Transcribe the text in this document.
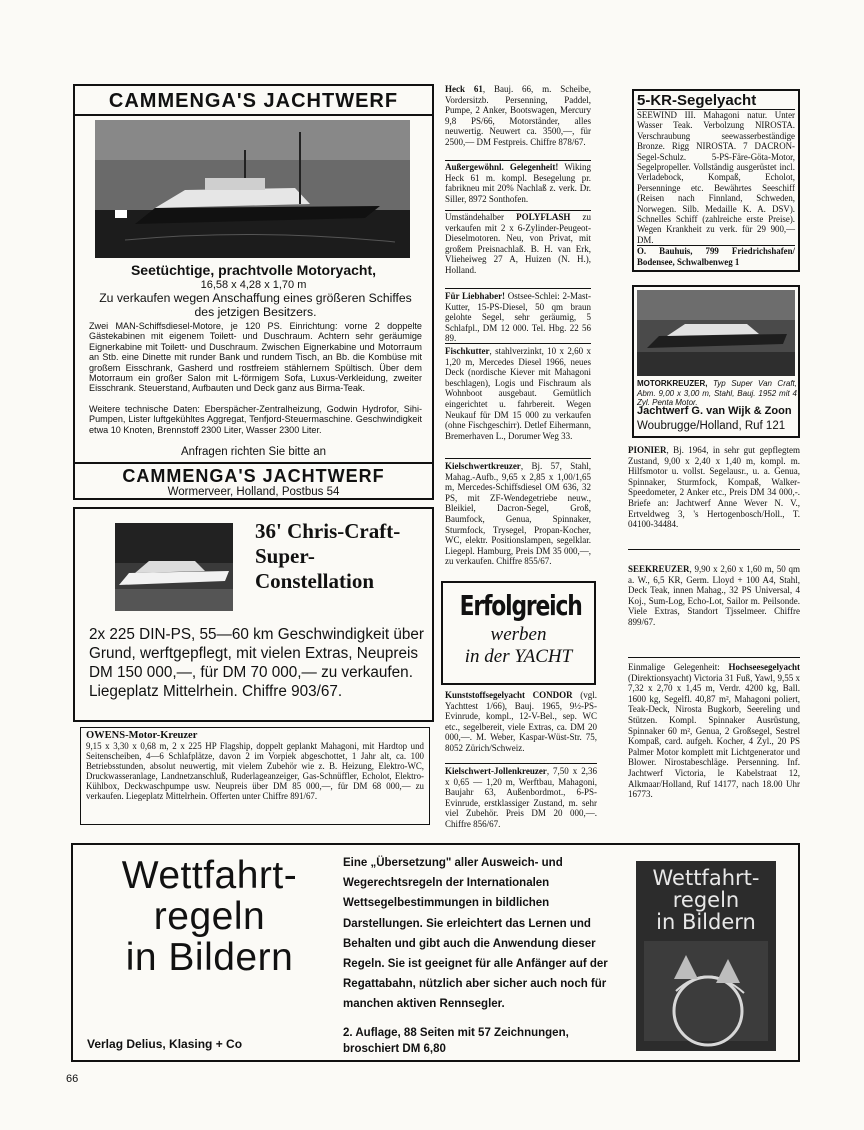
CAMMENGA'S JACHTWERF
Seetüchtige, prachtvolle Motoryacht,
16,58 x 4,28 x 1,70 m
Zu verkaufen wegen Anschaffung eines größeren Schiffes des jetzigen Besitzers.
Zwei MAN-Schiffsdiesel-Motore, je 120 PS. Einrichtung: vorne 2 doppelte Gästekabinen mit eigenem Toilett- und Duschraum. Achtern sehr geräumige Eignerkabine mit Toilett- und Duschraum. Zwischen Eignerkabine und Motorraum an Stb. eine Dinette mit runder Bank und rundem Tisch, an Bb. die Kombüse mit großem Eisschrank, Gasherd und rostfreiem stählernem Spültisch. Über dem Motorraum ein großer Salon mit L-förmigem Sofa, Luxus-Verkleidung, zweiter Eisschrank. Steuerstand, Aufbauten und Deck ganz aus Birma-Teak.
Weitere technische Daten: Eberspächer-Zentralheizung, Godwin Hydrofor, Sihi-Pumpen, Lister luftgekühltes Aggregat, Tenfjord-Steuermaschine. Geschwindigkeit etwa 10 Knoten, Brennstoff 2300 Liter, Wasser 2300 Liter.
Anfragen richten Sie bitte an
CAMMENGA'S JACHTWERF
Wormerveer, Holland, Postbus 54
36' Chris-Craft-Super-Constellation
2x 225 DIN-PS, 55—60 km Geschwindigkeit über Grund, werftgepflegt, mit vielen Extras, Neupreis DM 150 000,—, für DM 70 000,— zu verkaufen. Liegeplatz Mittelrhein. Chiffre 903/67.
OWENS-Motor-Kreuzer
9,15 x 3,30 x 0,68 m, 2 x 225 HP Flagship, doppelt geplankt Mahagoni, mit Hardtop und Seitenscheiben, 4—6 Schlafplätze, davon 2 im Vorpiek abgeschottet, 1 Jahr alt, ca. 100 Betriebsstunden, absolut neuwertig, mit vielem Zubehör wie z. B. Heizung, Elektro-WC, Druckwasseranlage, Landnetzanschluß, Ruderlageanzeiger, Gas-Schnüffler, Echolot, Elektro-Kühlbox, Deckwaschpumpe usw. Neupreis über DM 85 000,—, für DM 68 000,— zu verkaufen. Liegeplatz Mittelrhein. Offerten unter Chiffre 891/67.
Heck 61, Bauj. 66, m. Scheibe, Vordersitzb. Persenning, Paddel, Pumpe, 2 Anker, Bootswagen, Mercury 9,8 PS/66, Motorständer, alles neuwertig. Neuwert ca. 3500,—, für 2500,— DM Festpreis. Chiffre 878/67.
Außergewöhnl. Gelegenheit! Wiking Heck 61 m. kompl. Besegelung pr. fabrikneu mit 20% Nachlaß z. verk. Dr. Siller, 8972 Sonthofen.
Umständehalber POLYFLASH zu verkaufen mit 2 x 6-Zylinder-Peugeot-Dieselmotoren. Neu, von Privat, mit großem Preisnachlaß. B. H. van Erk, Vlieheiweg 27 A, Huizen (N. H.), Holland.
Für Liebhaber! Ostsee-Schlei: 2-Mast-Kutter, 15-PS-Diesel, 50 qm braun gelohte Segel, sehr geräumig, 5 Schlafpl., DM 12 000. Tel. Hbg. 22 56 89.
Fischkutter, stahlverzinkt, 10 x 2,60 x 1,20 m, Mercedes Diesel 1966, neues Deck (nordische Kiever mit Mahagoni beschlagen), Logis und Fischraum als Wohnboot ausgebaut. Gemütlich eingerichtet u. fahrbereit. Wegen Neukauf für DM 15 000 zu verkaufen (ohne Fischgeschirr). Detlef Eihermann, Bremerhaven L., Dorumer Weg 33.
Kielschwertkreuzer, Bj. 57, Stahl, Mahag.-Aufb., 9,65 x 2,85 x 1,00/1,65 m, Mercedes-Schiffsdiesel OM 636, 32 PS, mit ZF-Wendegetriebe neuw., Bleikiel, Dacron-Segel, Groß, Baumfock, Genua, Spinnaker, Sturmfock, Trysegel, Propan-Kocher, WC, elektr. Positionslampen, segelklar. Liegepl. Hamburg, Preis DM 35 000,—, zu verkaufen. Chiffre 855/67.
Erfolgreich
werben
in der YACHT
Kunststoffsegelyacht CONDOR (vgl. Yachttest 1/66), Bauj. 1965, 9½-PS-Evinrude, kompl., 12-V-Bel., sep. WC etc., segelbereit, viele Extras, ca. DM 20 000,—. M. Weber, Kaspar-Wüst-Str. 75, 8052 Zürich/Schweiz.
Kielschwert-Jollenkreuzer, 7,50 x 2,36 x 0,65 — 1,20 m, Werftbau, Mahagoni, Baujahr 63, Außenbordmot., 6-PS-Evinrude, erstklassiger Zustand, m. sehr viel Zubehör. Preis DM 20 000,—. Chiffre 856/67.
5-KR-Segelyacht
SEEWIND III. Mahagoni natur. Unter Wasser Teak. Verbolzung NIROSTA. Verschraubung seewasserbeständige Bronze. Rigg NIROSTA. 7 DACRON-Segel-Schulz. 5-PS-Färe-Göta-Motor, Segelpropeller. Vollständig ausgerüstet incl. Verladebock, Kompaß, Echolot, Persenninge etc. Bewährtes Seeschiff (Reisen nach Finnland, Schweden, Norwegen. Silb. Medaille K. A. DSV). Schnelles Schiff (zahlreiche erste Preise). Wegen Krankheit zu verk. für 29 900,— DM.
O. Bauhuis, 799 Friedrichshafen/ Bodensee, Schwalbenweg 1
MOTORKREUZER, Typ Super Van Craft, Abm. 9,00 x 3,00 m, Stahl, Bauj. 1952 mit 4 Zyl. Penta Motor.
Jachtwerf G. van Wijk & Zoon
Woubrugge/Holland, Ruf 121
PIONIER, Bj. 1964, in sehr gut gepflegtem Zustand, 9,00 x 2,40 x 1,40 m, kompl. m. Hilfsmotor u. vollst. Segelausr., u. a. Genua, Spinnaker, Sturmfock, Kompaß, Walker-Speedometer, 2 Anker etc., Preis DM 34 000,-. Briefe an: Jachtwerf Anne Wever N. V., Ertveldweg 3, 's Hertogenbosch/Holl., T. 04100-34484.
SEEKREUZER, 9,90 x 2,60 x 1,60 m, 50 qm a. W., 6,5 KR, Germ. Lloyd + 100 A4, Stahl, Deck Teak, innen Mahag., 32 PS Universal, 4 Koj., Sum-Log, Echo-Lot, Sailor m. Peilsonde. Viele Extras, Standort Tjsselmeer. Chiffre 899/67.
Einmalige Gelegenheit: Hochseesegelyacht (Direktionsyacht) Victoria 31 Fuß, Yawl, 9,55 x 7,32 x 2,70 x 1,45 m, Verdr. 4200 kg, Ball. 1600 kg, Segelfl. 40,87 m², Mahagoni poliert, Teak-Deck, Nirosta Bugkorb, Seereling und Stützen. Kompl. Spinnaker Ausrüstung, Spinnaker 60 m², Genua, 2 Großsegel, Sestrel Kompaß, card. aufgeh. Kocher, 4 Zyl., 20 PS Palmer Motor komplett mit Lichtgenerator und Blower. Nirostabeschläge. Persenning. Inf. Jachtwerf Victoria, le Kabelstraat 12, Alkmaar/Holland, Ruf 14177, nach 18.00 Uhr 16773.
Wettfahrt-
regeln
in Bildern
Eine „Übersetzung" aller Ausweich- und Wegerechtsregeln der Internationalen Wettsegelbestimmungen in bildlichen Darstellungen. Sie erleichtert das Lernen und Behalten und gibt auch die Anwendung dieser Regeln. Sie ist geeignet für alle Anfänger auf der Regattabahn, nützlich aber sicher auch noch für manchen aktiven Rennsegler.
2. Auflage, 88 Seiten mit 57 Zeichnungen, broschiert DM 6,80
Verlag Delius, Klasing + Co
Wettfahrt-
regeln
in Bildern
66
